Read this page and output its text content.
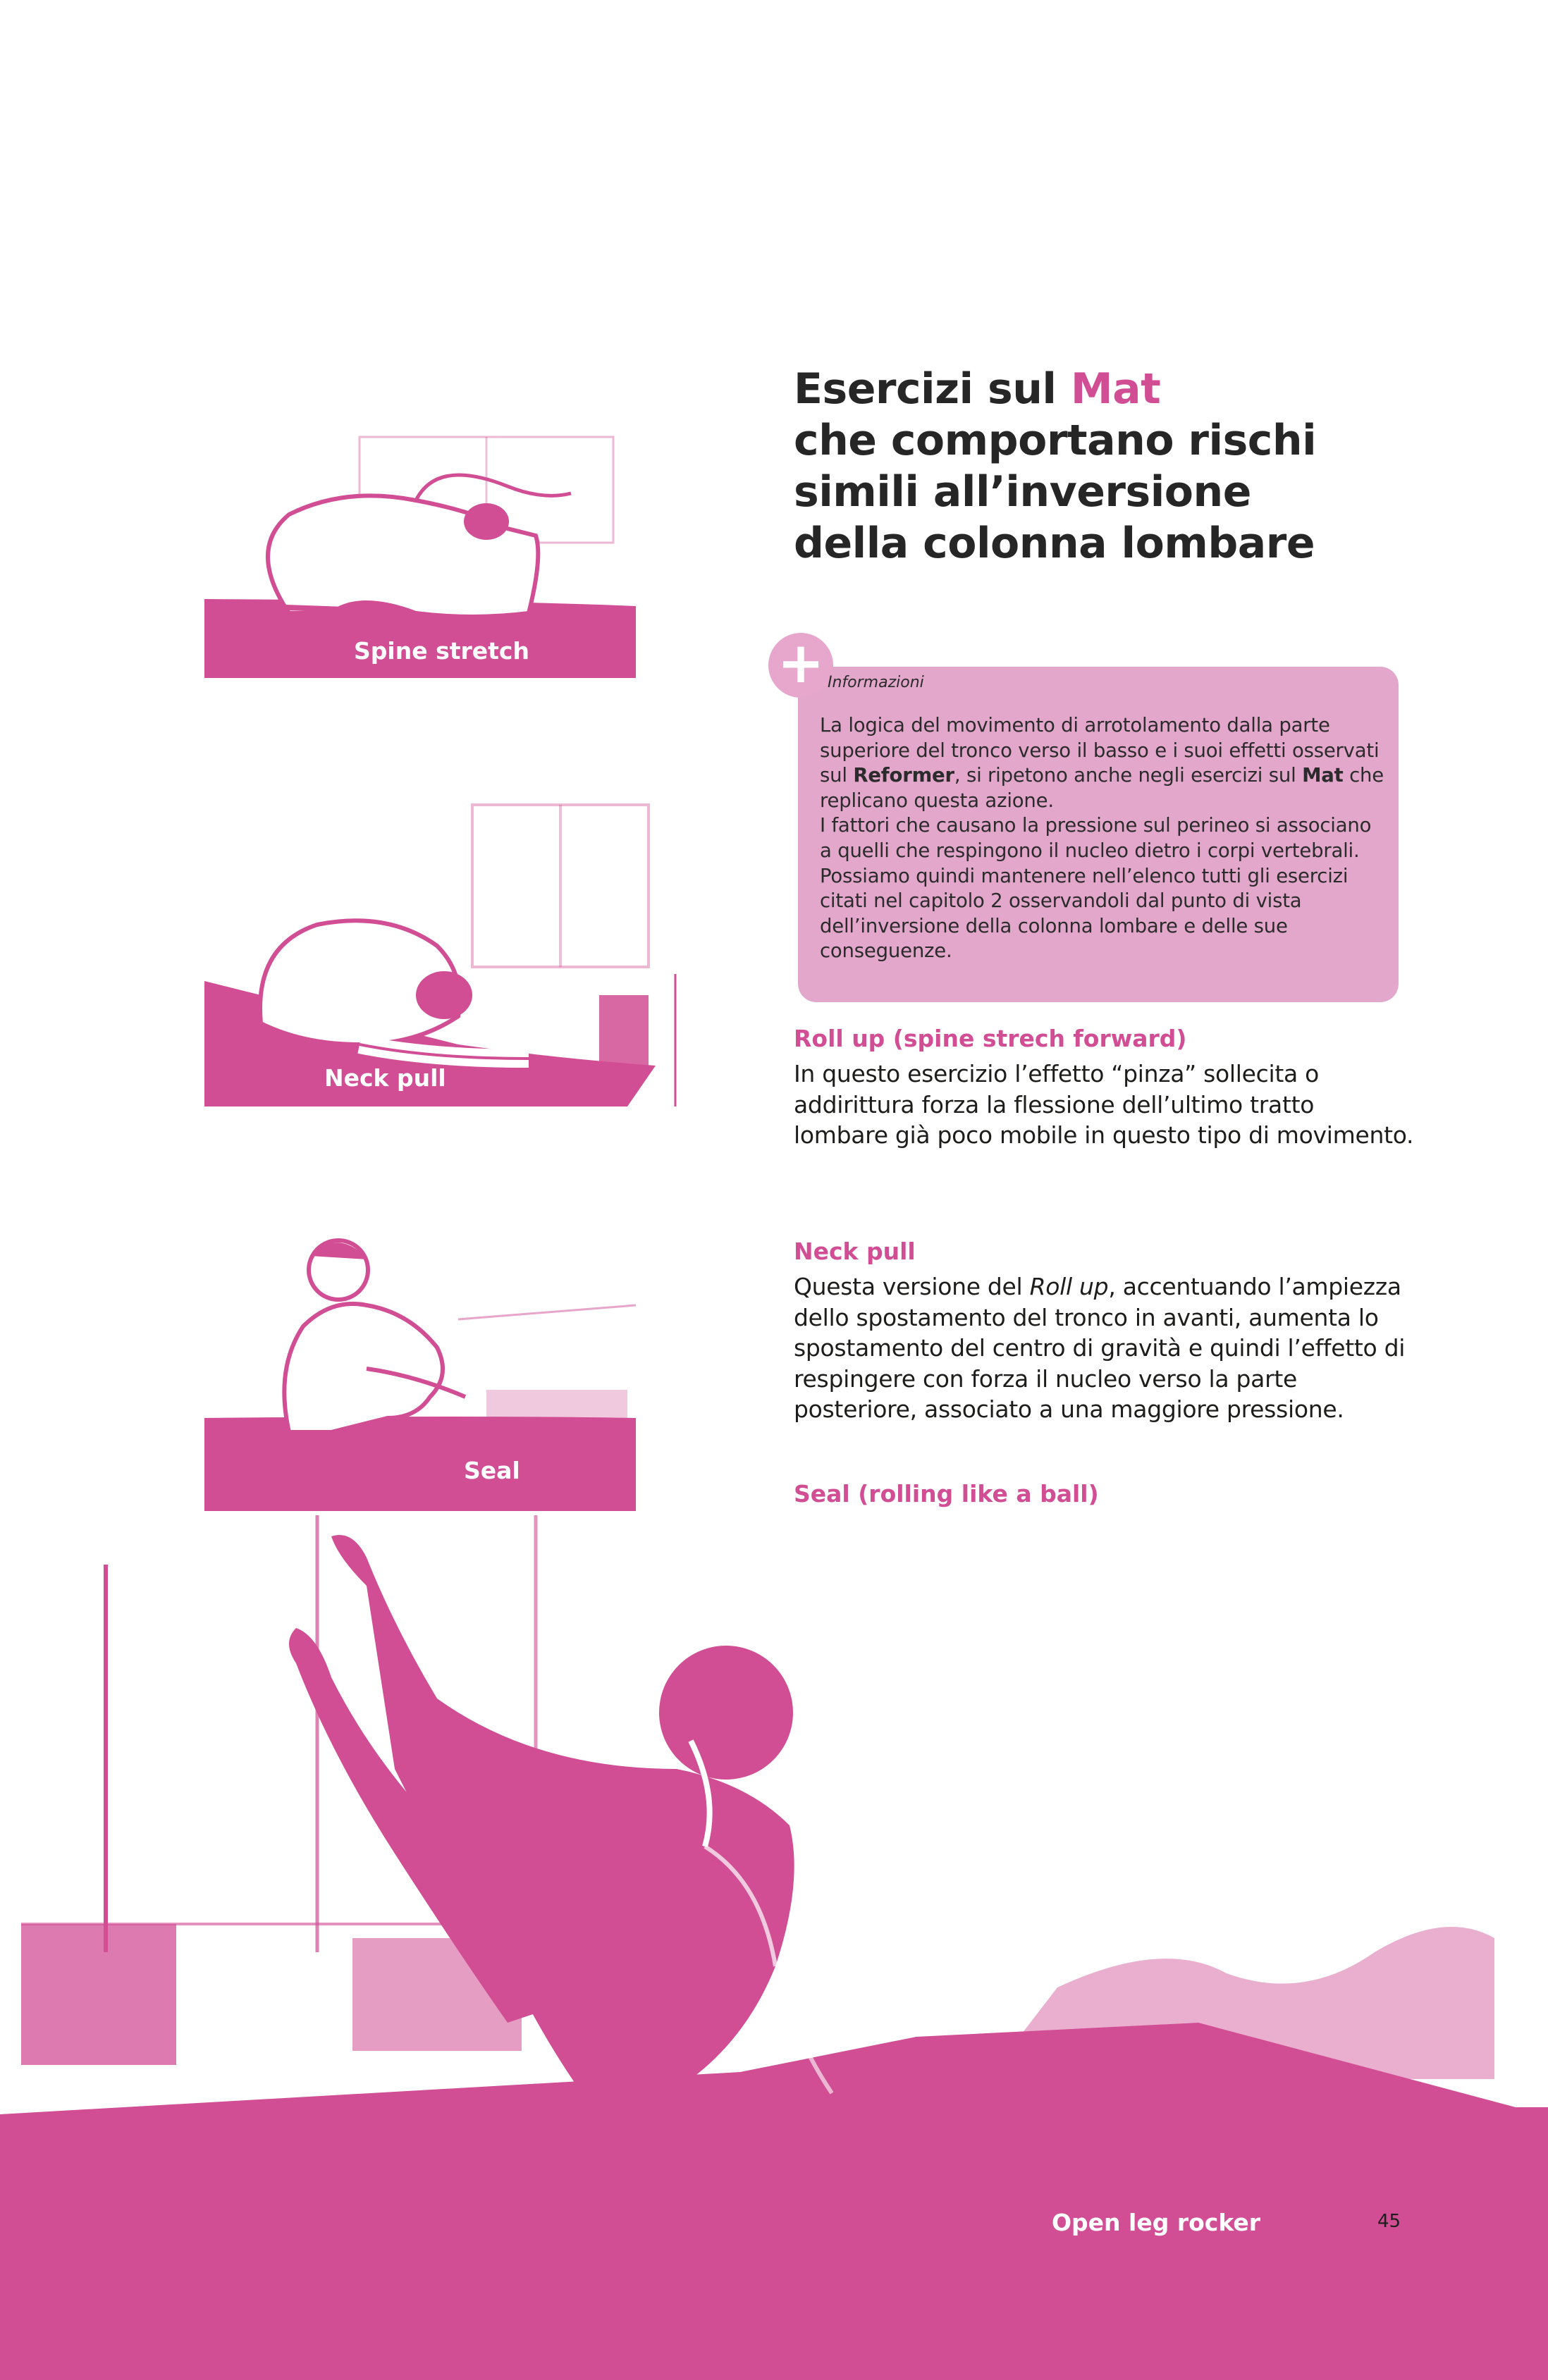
Esercizi sul Mat
che comportano rischi
simili all’inversione
della colonna lombare
+ Informazioni

La logica del movimento di arrotolamento dalla parte superiore del tronco verso il basso e i suoi effetti osservati sul Reformer, si ripetono anche negli esercizi sul Mat che replicano questa azione.

I fattori che causano la pressione sul perineo si associano a quelli che respingono il nucleo dietro i corpi vertebrali. Possiamo quindi mantenere nell’elenco tutti gli esercizi citati nel capitolo 2 osservandoli dal punto di vista dell’inversione della colonna lombare e delle sue conseguenze.

Roll up (spine strech forward)

In questo esercizio l’effetto “pinza” sollecita o addirittura forza la flessione dell’ultimo tratto lombare già poco mobile in questo tipo di movimento.

Neck pull

Questa versione del Roll up, accentuando l’ampiezza dello spostamento del tronco in avanti, aumenta lo spostamento del centro di gravità e quindi l’effetto di respingere con forza il nucleo verso la parte posteriore, associato a una maggiore pressione.

Seal (rolling like a ball)

Spine stretch
Neck pull
Seal
Open leg rocker	45
